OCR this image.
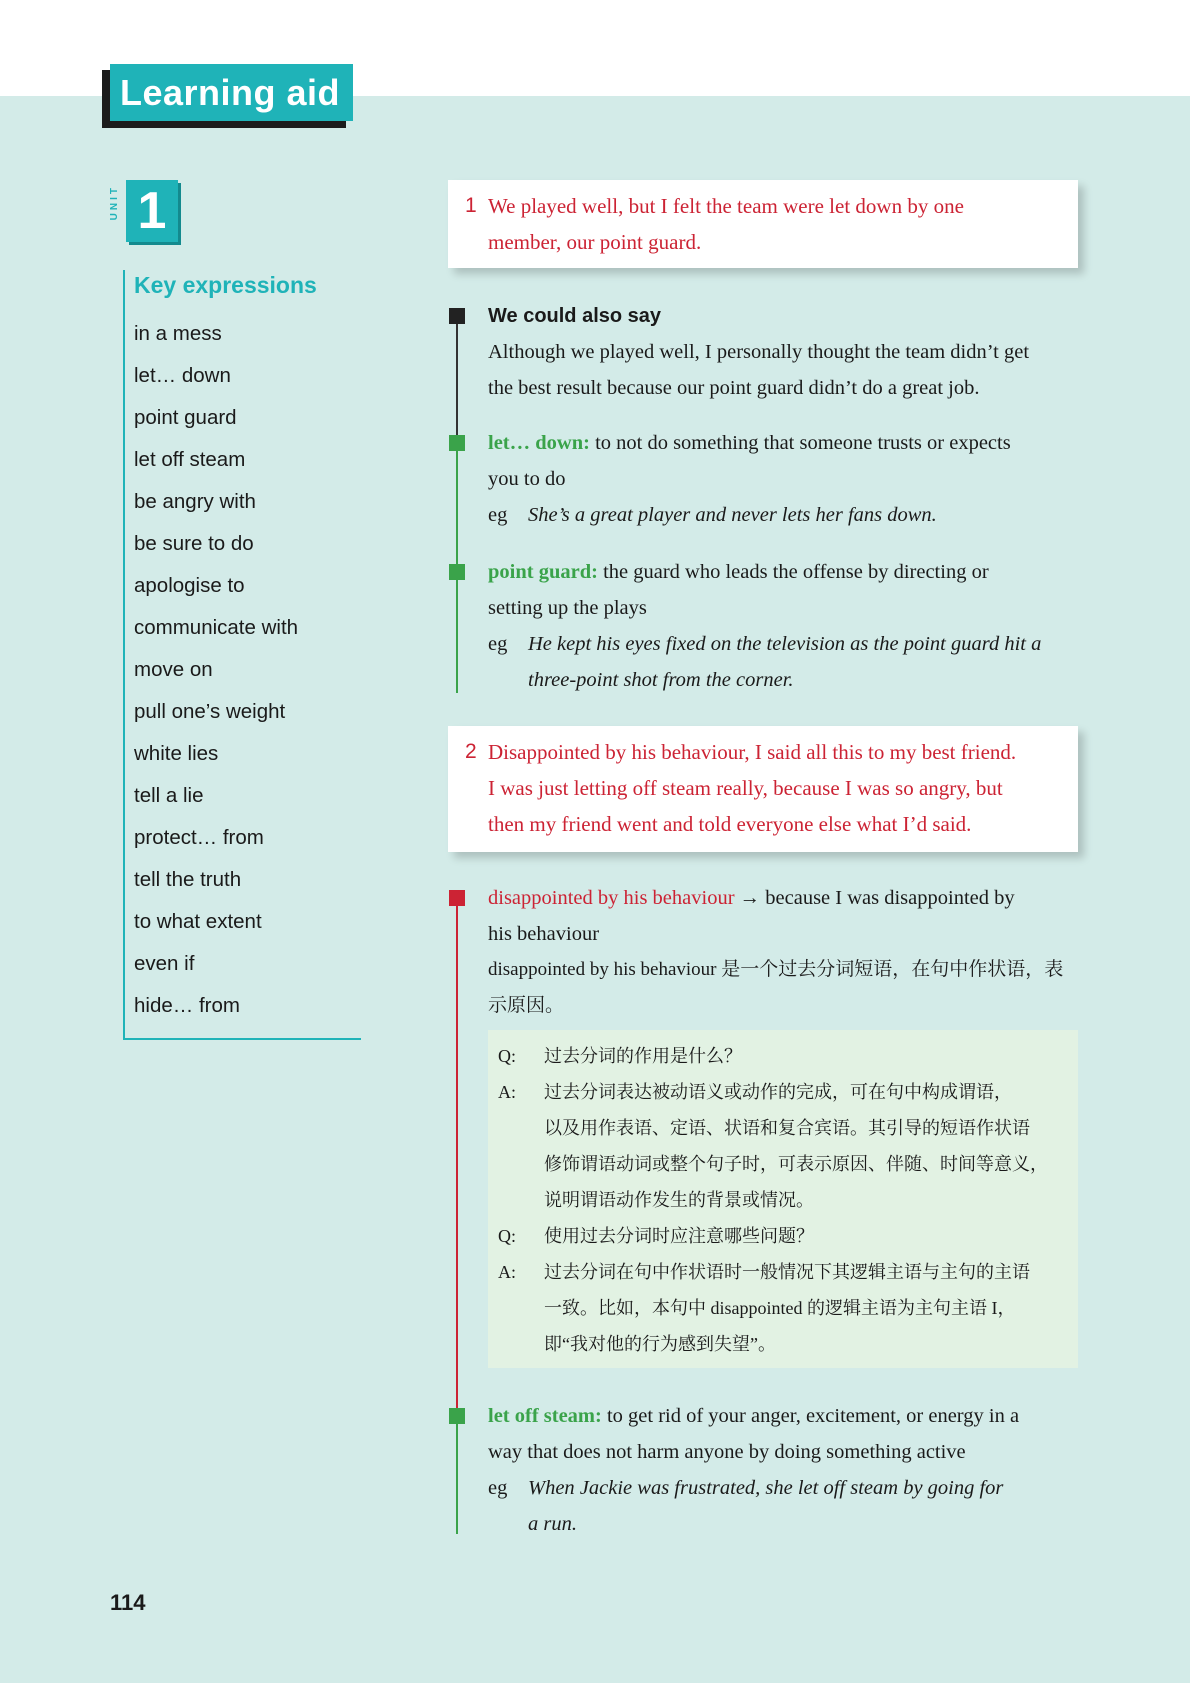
Learning aid
UNIT 1
Key expressions
in a mess
let… down
point guard
let off steam
be angry with
be sure to do
apologise to
communicate with
move on
pull one’s weight
white lies
tell a lie
protect… from
tell the truth
to what extent
even if
hide… from
1 We played well, but I felt the team were let down by one
member, our point guard.
We could also say
Although we played well, I personally thought the team didn’t get
the best result because our point guard didn’t do a great job.
let… down: to not do something that someone trusts or expects
you to do
eg She’s a great player and never lets her fans down.
point guard: the guard who leads the offense by directing or
setting up the plays
eg He kept his eyes fixed on the television as the point guard hit a
three-point shot from the corner.
2 Disappointed by his behaviour, I said all this to my best friend.
I was just letting off steam really, because I was so angry, but
then my friend went and told everyone else what I’d said.
disappointed by his behaviour → because I was disappointed by
his behaviour
disappointed by his behaviour 是一个过去分词短语，在句中作状语，表
示原因。
Q:	过去分词的作用是什么？
A:	过去分词表达被动语义或动作的完成，可在句中构成谓语，
以及用作表语、定语、状语和复合宾语。其引导的短语作状语
修饰谓语动词或整个句子时，可表示原因、伴随、时间等意义，
说明谓语动作发生的背景或情况。
Q:	使用过去分词时应注意哪些问题？
A:	过去分词在句中作状语时一般情况下其逻辑主语与主句的主语
一致。比如，本句中 disappointed 的逻辑主语为主句主语 I，
即“我对他的行为感到失望”。
let off steam: to get rid of your anger, excitement, or energy in a
way that does not harm anyone by doing something active
eg When Jackie was frustrated, she let off steam by going for
a run.
114
